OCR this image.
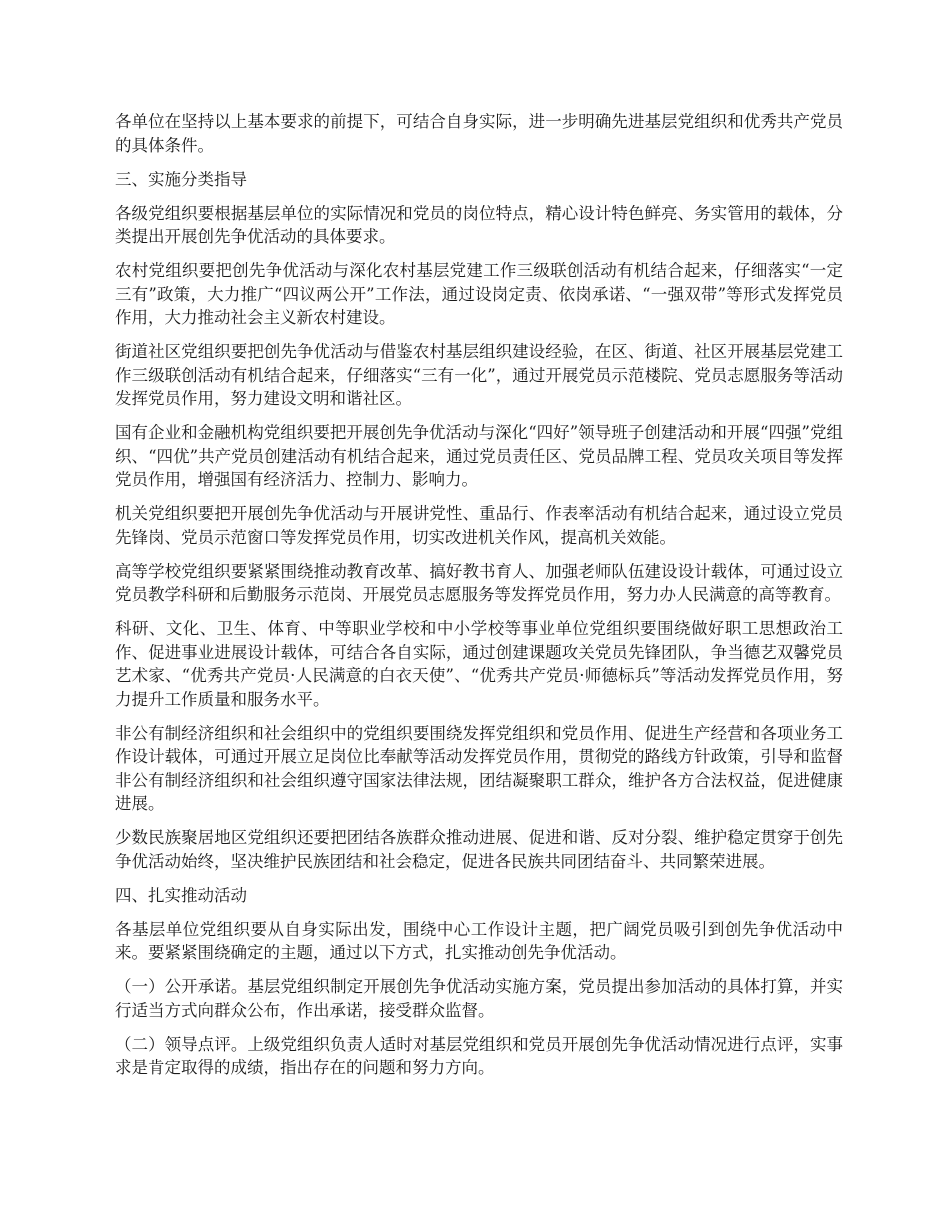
各单位在坚持以上基本要求的前提下，可结合自身实际，进一步明确先进基层党组织和优秀共产党员的具体条件。

三、实施分类指导

各级党组织要根据基层单位的实际情况和党员的岗位特点，精心设计特色鲜亮、务实管用的载体，分类提出开展创先争优活动的具体要求。

农村党组织要把创先争优活动与深化农村基层党建工作三级联创活动有机结合起来，仔细落实“一定三有”政策，大力推广“四议两公开”工作法，通过设岗定责、依岗承诺、“一强双带”等形式发挥党员作用，大力推动社会主义新农村建设。

街道社区党组织要把创先争优活动与借鉴农村基层组织建设经验，在区、街道、社区开展基层党建工作三级联创活动有机结合起来，仔细落实“三有一化”，通过开展党员示范楼院、党员志愿服务等活动发挥党员作用，努力建设文明和谐社区。

国有企业和金融机构党组织要把开展创先争优活动与深化“四好”领导班子创建活动和开展“四强”党组织、“四优”共产党员创建活动有机结合起来，通过党员责任区、党员品牌工程、党员攻关项目等发挥党员作用，增强国有经济活力、控制力、影响力。

机关党组织要把开展创先争优活动与开展讲党性、重品行、作表率活动有机结合起来，通过设立党员先锋岗、党员示范窗口等发挥党员作用，切实改进机关作风，提高机关效能。

高等学校党组织要紧紧围绕推动教育改革、搞好教书育人、加强老师队伍建设设计载体，可通过设立党员教学科研和后勤服务示范岗、开展党员志愿服务等发挥党员作用，努力办人民满意的高等教育。

科研、文化、卫生、体育、中等职业学校和中小学校等事业单位党组织要围绕做好职工思想政治工作、促进事业进展设计载体，可结合各自实际，通过创建课题攻关党员先锋团队，争当德艺双馨党员艺术家、“优秀共产党员·人民满意的白衣天使”、“优秀共产党员·师德标兵”等活动发挥党员作用，努力提升工作质量和服务水平。

非公有制经济组织和社会组织中的党组织要围绕发挥党组织和党员作用、促进生产经营和各项业务工作设计载体，可通过开展立足岗位比奉献等活动发挥党员作用，贯彻党的路线方针政策，引导和监督非公有制经济组织和社会组织遵守国家法律法规，团结凝聚职工群众，维护各方合法权益，促进健康进展。

少数民族聚居地区党组织还要把团结各族群众推动进展、促进和谐、反对分裂、维护稳定贯穿于创先争优活动始终，坚决维护民族团结和社会稳定，促进各民族共同团结奋斗、共同繁荣进展。

四、扎实推动活动

各基层单位党组织要从自身实际出发，围绕中心工作设计主题，把广阔党员吸引到创先争优活动中来。要紧紧围绕确定的主题，通过以下方式，扎实推动创先争优活动。

（一）公开承诺。基层党组织制定开展创先争优活动实施方案，党员提出参加活动的具体打算，并实行适当方式向群众公布，作出承诺，接受群众监督。

（二）领导点评。上级党组织负责人适时对基层党组织和党员开展创先争优活动情况进行点评，实事求是肯定取得的成绩，指出存在的问题和努力方向。
